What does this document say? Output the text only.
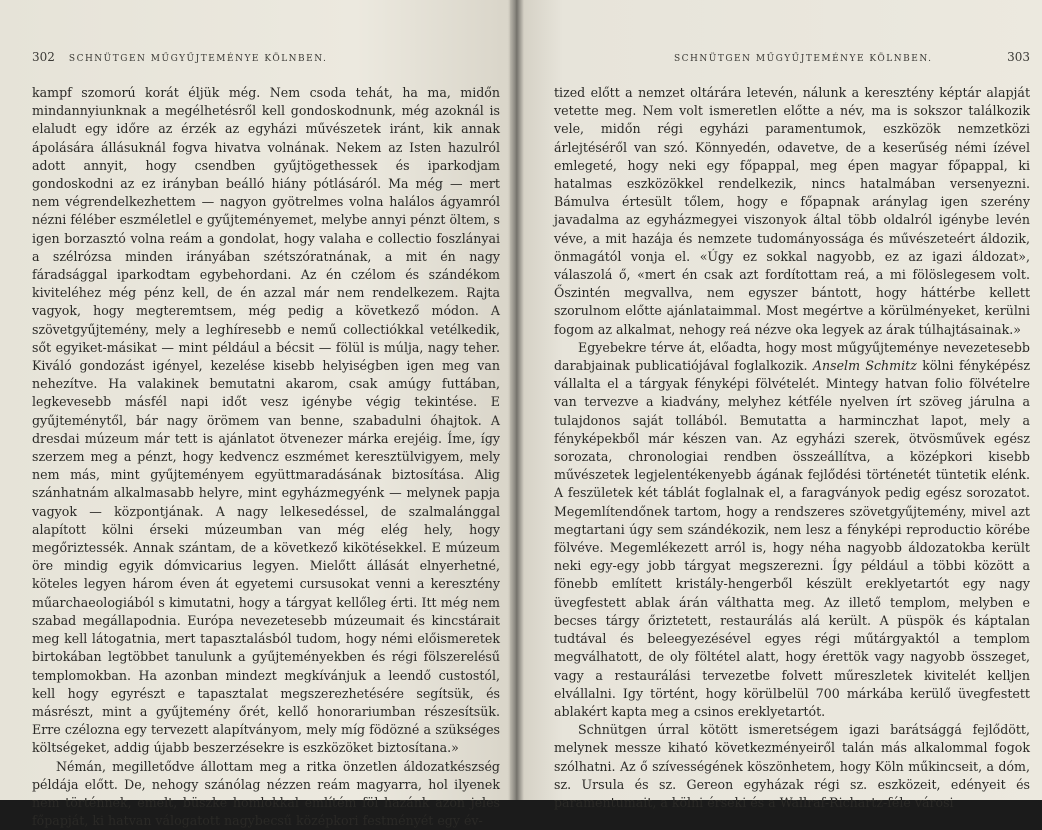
302 SCHNÜTGEN MŰGYŰJTEMÉNYE KÖLNBEN.

kampf szomorú korát éljük még. Nem csoda tehát, ha ma, midőn mindannyiunknak a megélhetésről kell gondoskodnunk, még azoknál is elaludt egy időre az érzék az egyházi művészetek iránt, kik annak ápolására állásuknál fogva hivatva volnának. Nekem az Isten hazulról adott annyit, hogy csendben gyűjtögethessek és iparkodjam gondoskodni az ez irányban beálló hiány pótlásáról. Ma még — mert nem végrendelkezhettem — nagyon gyötrelmes volna halálos ágyamról nézni féléber eszméletlel e gyűjteményemet, melybe annyi pénzt öltem, s igen borzasztó volna reám a gondolat, hogy valaha e collectio foszlányai a szélrózsa minden irányában szétszóratnának, a mit én nagy fáradsággal iparkodtam egybehordani. Az én czélom és szándékom kiviteléhez még pénz kell, de én azzal már nem rendelkezem. Rajta vagyok, hogy megteremtsem, még pedig a következő módon. A szövetgyűjtemény, mely a leghíresebb e nemű collectiókkal vetélkedik, sőt egyiket-másikat — mint például a bécsit — fölül is múlja, nagy teher. Kiváló gondozást igényel, kezelése kisebb helyiségben igen meg van nehezítve. Ha valakinek bemutatni akarom, csak amúgy futtában, legkevesebb másfél napi időt vesz igénybe végig tekintése. E gyűjteménytől, bár nagy örömem van benne, szabadulni óhajtok. A dresdai múzeum már tett is ajánlatot ötvenezer márka erejéig. Íme, így szerzem meg a pénzt, hogy kedvencz eszmémet keresztülvigyem, mely nem más, mint gyűjteményem együttmaradásának biztosítása. Alig szánhatnám alkalmasabb helyre, mint egyházmegyénk — melynek papja vagyok — központjának. A nagy lelkesedéssel, de szalmalánggal alapított kölni érseki múzeumban van még elég hely, hogy megőriztessék. Annak szántam, de a következő kikötésekkel. E múzeum öre mindig egyik dómvicarius legyen. Mielőtt állását elnyerhetné, köteles legyen három éven át egyetemi cursusokat venni a keresztény műarchaeologiából s kimutatni, hogy a tárgyat kellőleg érti. Itt még nem szabad megállapodnia. Európa nevezetesebb múzeumait és kincstárait meg kell látogatnia, mert tapasztalásból tudom, hogy némi előismeretek birtokában legtöbbet tanulunk a gyűjteményekben és régi fölszerelésű templomokban. Ha azonban mindezt megkívánjuk a leendő custostól, kell hogy egyrészt e tapasztalat megszerezhetésére segítsük, és másrészt, mint a gyűjtemény őrét, kellő honorariumban részesítsük. Erre czélozna egy tervezett alapítványom, mely míg födözné a szükséges költségeket, addig újabb beszerzésekre is eszközöket biztosítana.»

Némán, megilletődve állottam meg a ritka önzetlen áldozatkészség példája előtt. De, nehogy szánólag nézzen reám magyarra, hol ilyenek nem történnek, emelt, büszke homlokkal említém föl hazánk azon jeles főpapját, ki hatvan válogatott nagybecsű középkori festményét egy év-

SCHNÜTGEN MŰGYŰJTEMÉNYE KÖLNBEN.	303

tized előtt a nemzet oltárára letevén, nálunk a keresztény képtár alapját vetette meg. Nem volt ismeretlen előtte a név, ma is sokszor találkozik vele, midőn régi egyházi paramentumok, eszközök nemzetközi árlejtéséről van szó. Könnyedén, odavetve, de a keserűség némi ízével emlegeté, hogy neki egy főpappal, meg épen magyar főpappal, ki hatalmas eszközökkel rendelkezik, nincs hatalmában versenyezni. Bámulva értesült tőlem, hogy e főpapnak aránylag igen szerény javadalma az egyházmegyei viszonyok által több oldalról igénybe levén véve, a mit hazája és nemzete tudományossága és művészeteért áldozik, önmagától vonja el. «Úgy ez sokkal nagyobb, ez az igazi áldozat», válaszolá ő, «mert én csak azt fordítottam reá, a mi fölöslegesem volt. Őszintén megvallva, nem egyszer bántott, hogy háttérbe kellett szorulnom előtte ajánlataimmal. Most megértve a körülményeket, kerülni fogom az alkalmat, nehogy reá nézve oka legyek az árak túlhajtásainak.»

Egyebekre térve át, előadta, hogy most műgyűjteménye nevezetesebb darabjainak publicatiójával foglalkozik. Anselm Schmitz kölni fényképész vállalta el a tárgyak fényképi fölvételét. Mintegy hatvan folio fölvételre van tervezve a kiadvány, melyhez kétféle nyelven írt szöveg járulna a tulajdonos saját tollából. Bemutatta a harminczhat lapot, mely a fényképekből már készen van. Az egyházi szerek, ötvösművek egész sorozata, chronologiai rendben összeállítva, a középkori kisebb művészetek legjelentékenyebb ágának fejlődési történetét tüntetik elénk. A feszületek két táblát foglalnak el, a faragványok pedig egész sorozatot. Megemlítendőnek tartom, hogy a rendszeres szövetgyűjtemény, mivel azt megtartani úgy sem szándékozik, nem lesz a fényképi reproductio körébe fölvéve. Megemlékezett arról is, hogy néha nagyobb áldozatokba került neki egy-egy jobb tárgyat megszerezni. Így például a többi között a fönebb említett kristály-hengerből készült ereklyetartót egy nagy üvegfestett ablak árán válthatta meg. Az illető templom, melyben e becses tárgy őriztetett, restaurálás alá került. A püspök és káptalan tudtával és beleegyezésével egyes régi műtárgyaktól a templom megválhatott, de oly föltétel alatt, hogy érettök vagy nagyobb összeget, vagy a restaurálási tervezetbe folvett műreszletek kivitelét kelljen elvállalni. Igy történt, hogy körülbelül 700 márkába kerülő üvegfestett ablakért kapta meg a csinos ereklyetartót.

Schnütgen úrral kötött ismeretségem igazi barátsággá fejlődött, melynek messze kiható következményeiről talán más alkalommal fogok szólhatni. Az ő szívességének köszönhetem, hogy Köln műkincseit, a dóm, sz. Ursula és sz. Gereon egyházak régi sz. eszközeit, edényeit és paramentumait, a kölni érseki és a Wallraf-Richartz-féle városi
